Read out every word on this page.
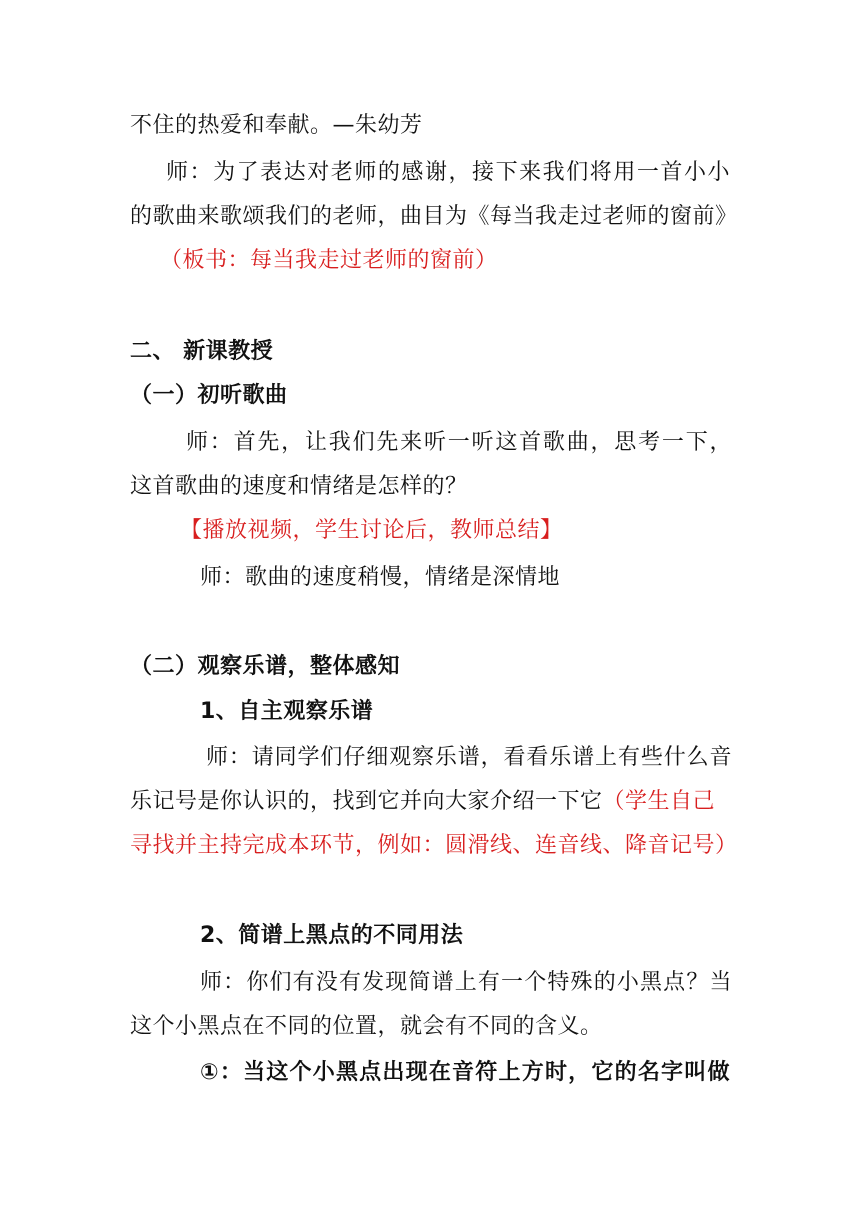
不住的热爱和奉献。—朱幼芳
师：为了表达对老师的感谢，接下来我们将用一首小小
的歌曲来歌颂我们的老师，曲目为《每当我走过老师的窗前》
（板书：每当我走过老师的窗前）
二、 新课教授
（一）初听歌曲
师：首先，让我们先来听一听这首歌曲，思考一下，
这首歌曲的速度和情绪是怎样的？
【播放视频，学生讨论后，教师总结】
师：歌曲的速度稍慢，情绪是深情地
（二）观察乐谱，整体感知
1、自主观察乐谱
师：请同学们仔细观察乐谱，看看乐谱上有些什么音
乐记号是你认识的，找到它并向大家介绍一下它（学生自己
寻找并主持完成本环节，例如：圆滑线、连音线、降音记号）
2、简谱上黑点的不同用法
师：你们有没有发现简谱上有一个特殊的小黑点？当
这个小黑点在不同的位置，就会有不同的含义。
①：当这个小黑点出现在音符上方时，它的名字叫做
